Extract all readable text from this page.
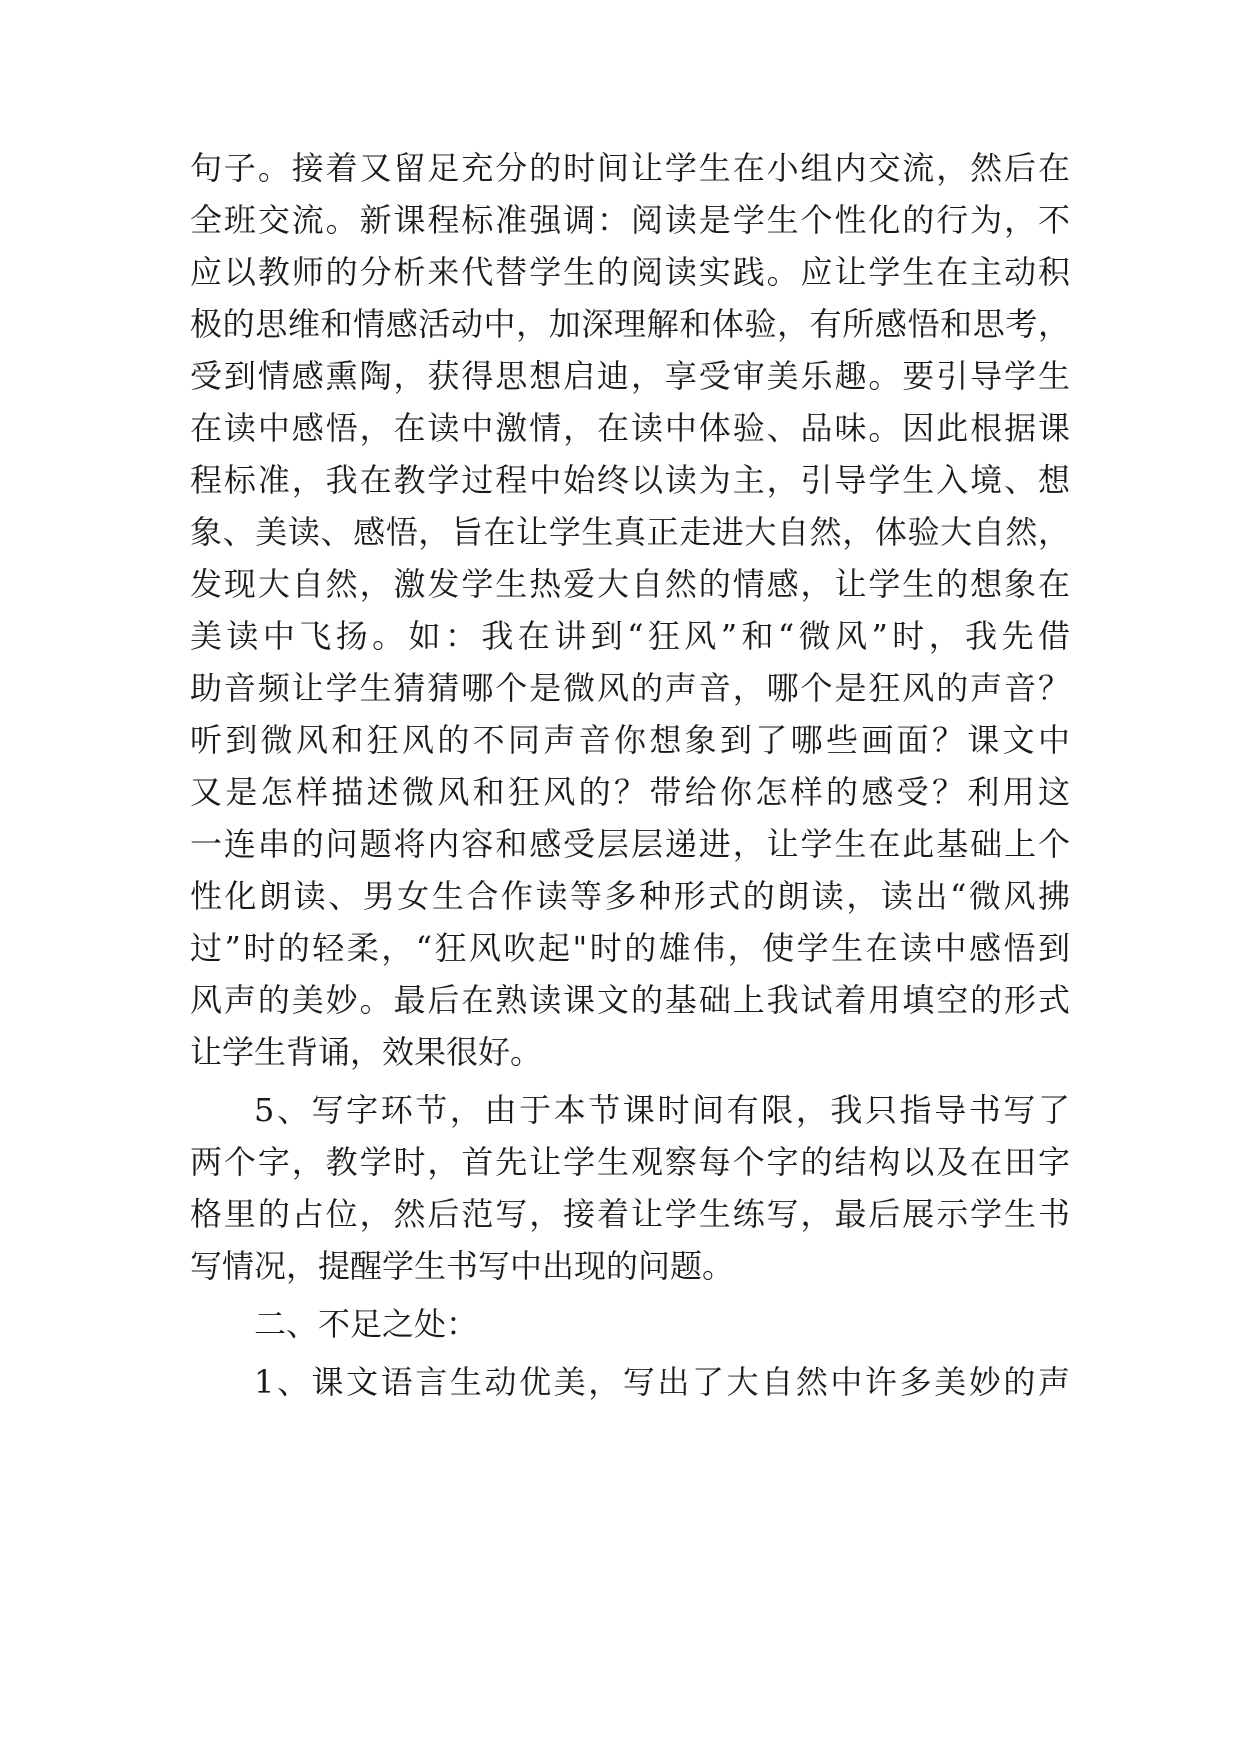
句子。接着又留足充分的时间让学生在小组内交流，然后在
全班交流。新课程标准强调：阅读是学生个性化的行为，不
应以教师的分析来代替学生的阅读实践。应让学生在主动积
极的思维和情感活动中，加深理解和体验，有所感悟和思考，
受到情感熏陶，获得思想启迪，享受审美乐趣。要引导学生
在读中感悟，在读中激情，在读中体验、品味。因此根据课
程标准，我在教学过程中始终以读为主，引导学生入境、想
象、美读、感悟，旨在让学生真正走进大自然，体验大自然，
发现大自然，激发学生热爱大自然的情感，让学生的想象在
美读中飞扬。如：我在讲到“狂风”和“微风”时，我先借
助音频让学生猜猜哪个是微风的声音，哪个是狂风的声音？
听到微风和狂风的不同声音你想象到了哪些画面？课文中
又是怎样描述微风和狂风的？带给你怎样的感受？利用这
一连串的问题将内容和感受层层递进，让学生在此基础上个
性化朗读、男女生合作读等多种形式的朗读，读出“微风拂
过”时的轻柔，“狂风吹起"时的雄伟，使学生在读中感悟到
风声的美妙。最后在熟读课文的基础上我试着用填空的形式
让学生背诵，效果很好。
5、写字环节，由于本节课时间有限，我只指导书写了
两个字，教学时，首先让学生观察每个字的结构以及在田字
格里的占位，然后范写，接着让学生练写，最后展示学生书
写情况，提醒学生书写中出现的问题。
二、不足之处：
1、课文语言生动优美，写出了大自然中许多美妙的声
